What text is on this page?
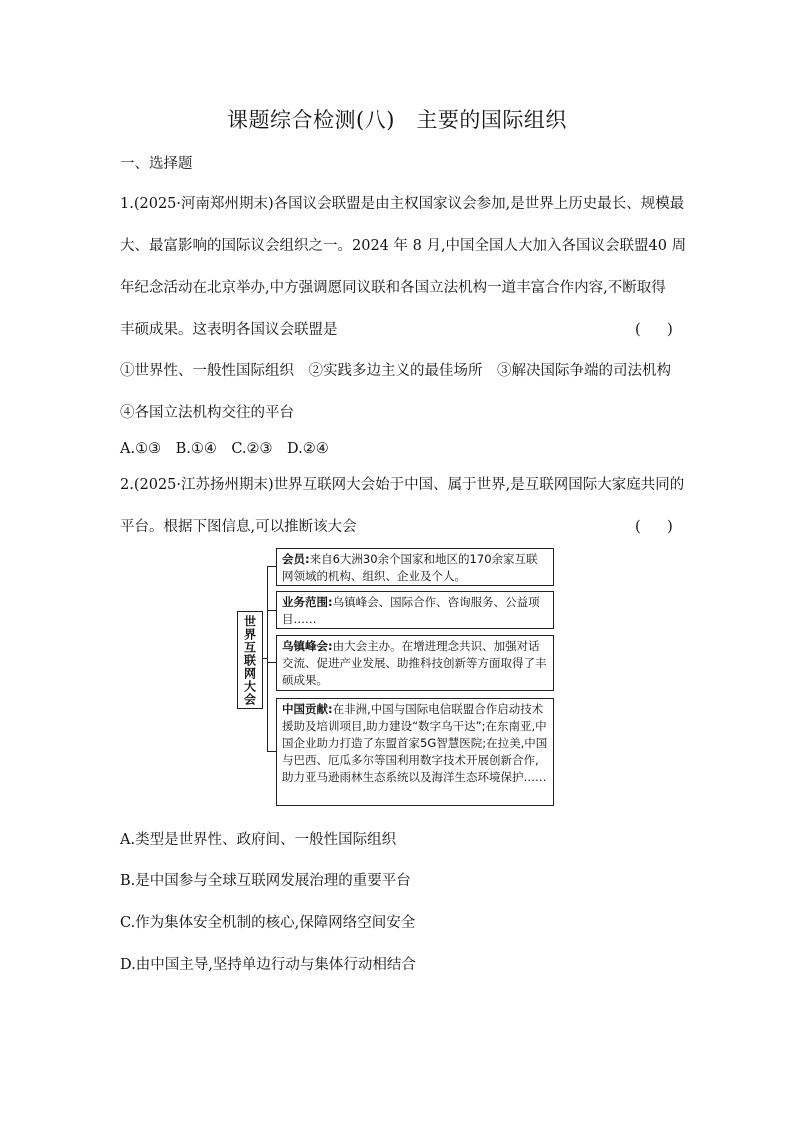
课题综合检测(八)　主要的国际组织
一、选择题
1.(2025·河南郑州期末)各国议会联盟是由主权国家议会参加,是世界上历史最长、规模最
大、最富影响的国际议会组织之一。2024 年 8 月,中国全国人大加入各国议会联盟40 周
年纪念活动在北京举办,中方强调愿同议联和各国立法机构一道丰富合作内容,不断取得
丰硕成果。这表明各国议会联盟是	(　)
①世界性、一般性国际组织　②实践多边主义的最佳场所　③解决国际争端的司法机构
④各国立法机构交往的平台
A.①③　B.①④　C.②③　D.②④
2.(2025·江苏扬州期末)世界互联网大会始于中国、属于世界,是互联网国际大家庭共同的
平台。根据下图信息,可以推断该大会	(　)
世界互联网大会
会员:来自6大洲30余个国家和地区的170余家互联网领域的机构、组织、企业及个人。
业务范围:乌镇峰会、国际合作、咨询服务、公益项目……
乌镇峰会:由大会主办。在增进理念共识、加强对话交流、促进产业发展、助推科技创新等方面取得了丰硕成果。
中国贡献:在非洲,中国与国际电信联盟合作启动技术援助及培训项目,助力建设“数字乌干达”;在东南亚,中国企业助力打造了东盟首家5G智慧医院;在拉美,中国与巴西、厄瓜多尔等国利用数字技术开展创新合作,助力亚马逊雨林生态系统以及海洋生态环境保护……
A.类型是世界性、政府间、一般性国际组织
B.是中国参与全球互联网发展治理的重要平台
C.作为集体安全机制的核心,保障网络空间安全
D.由中国主导,坚持单边行动与集体行动相结合
